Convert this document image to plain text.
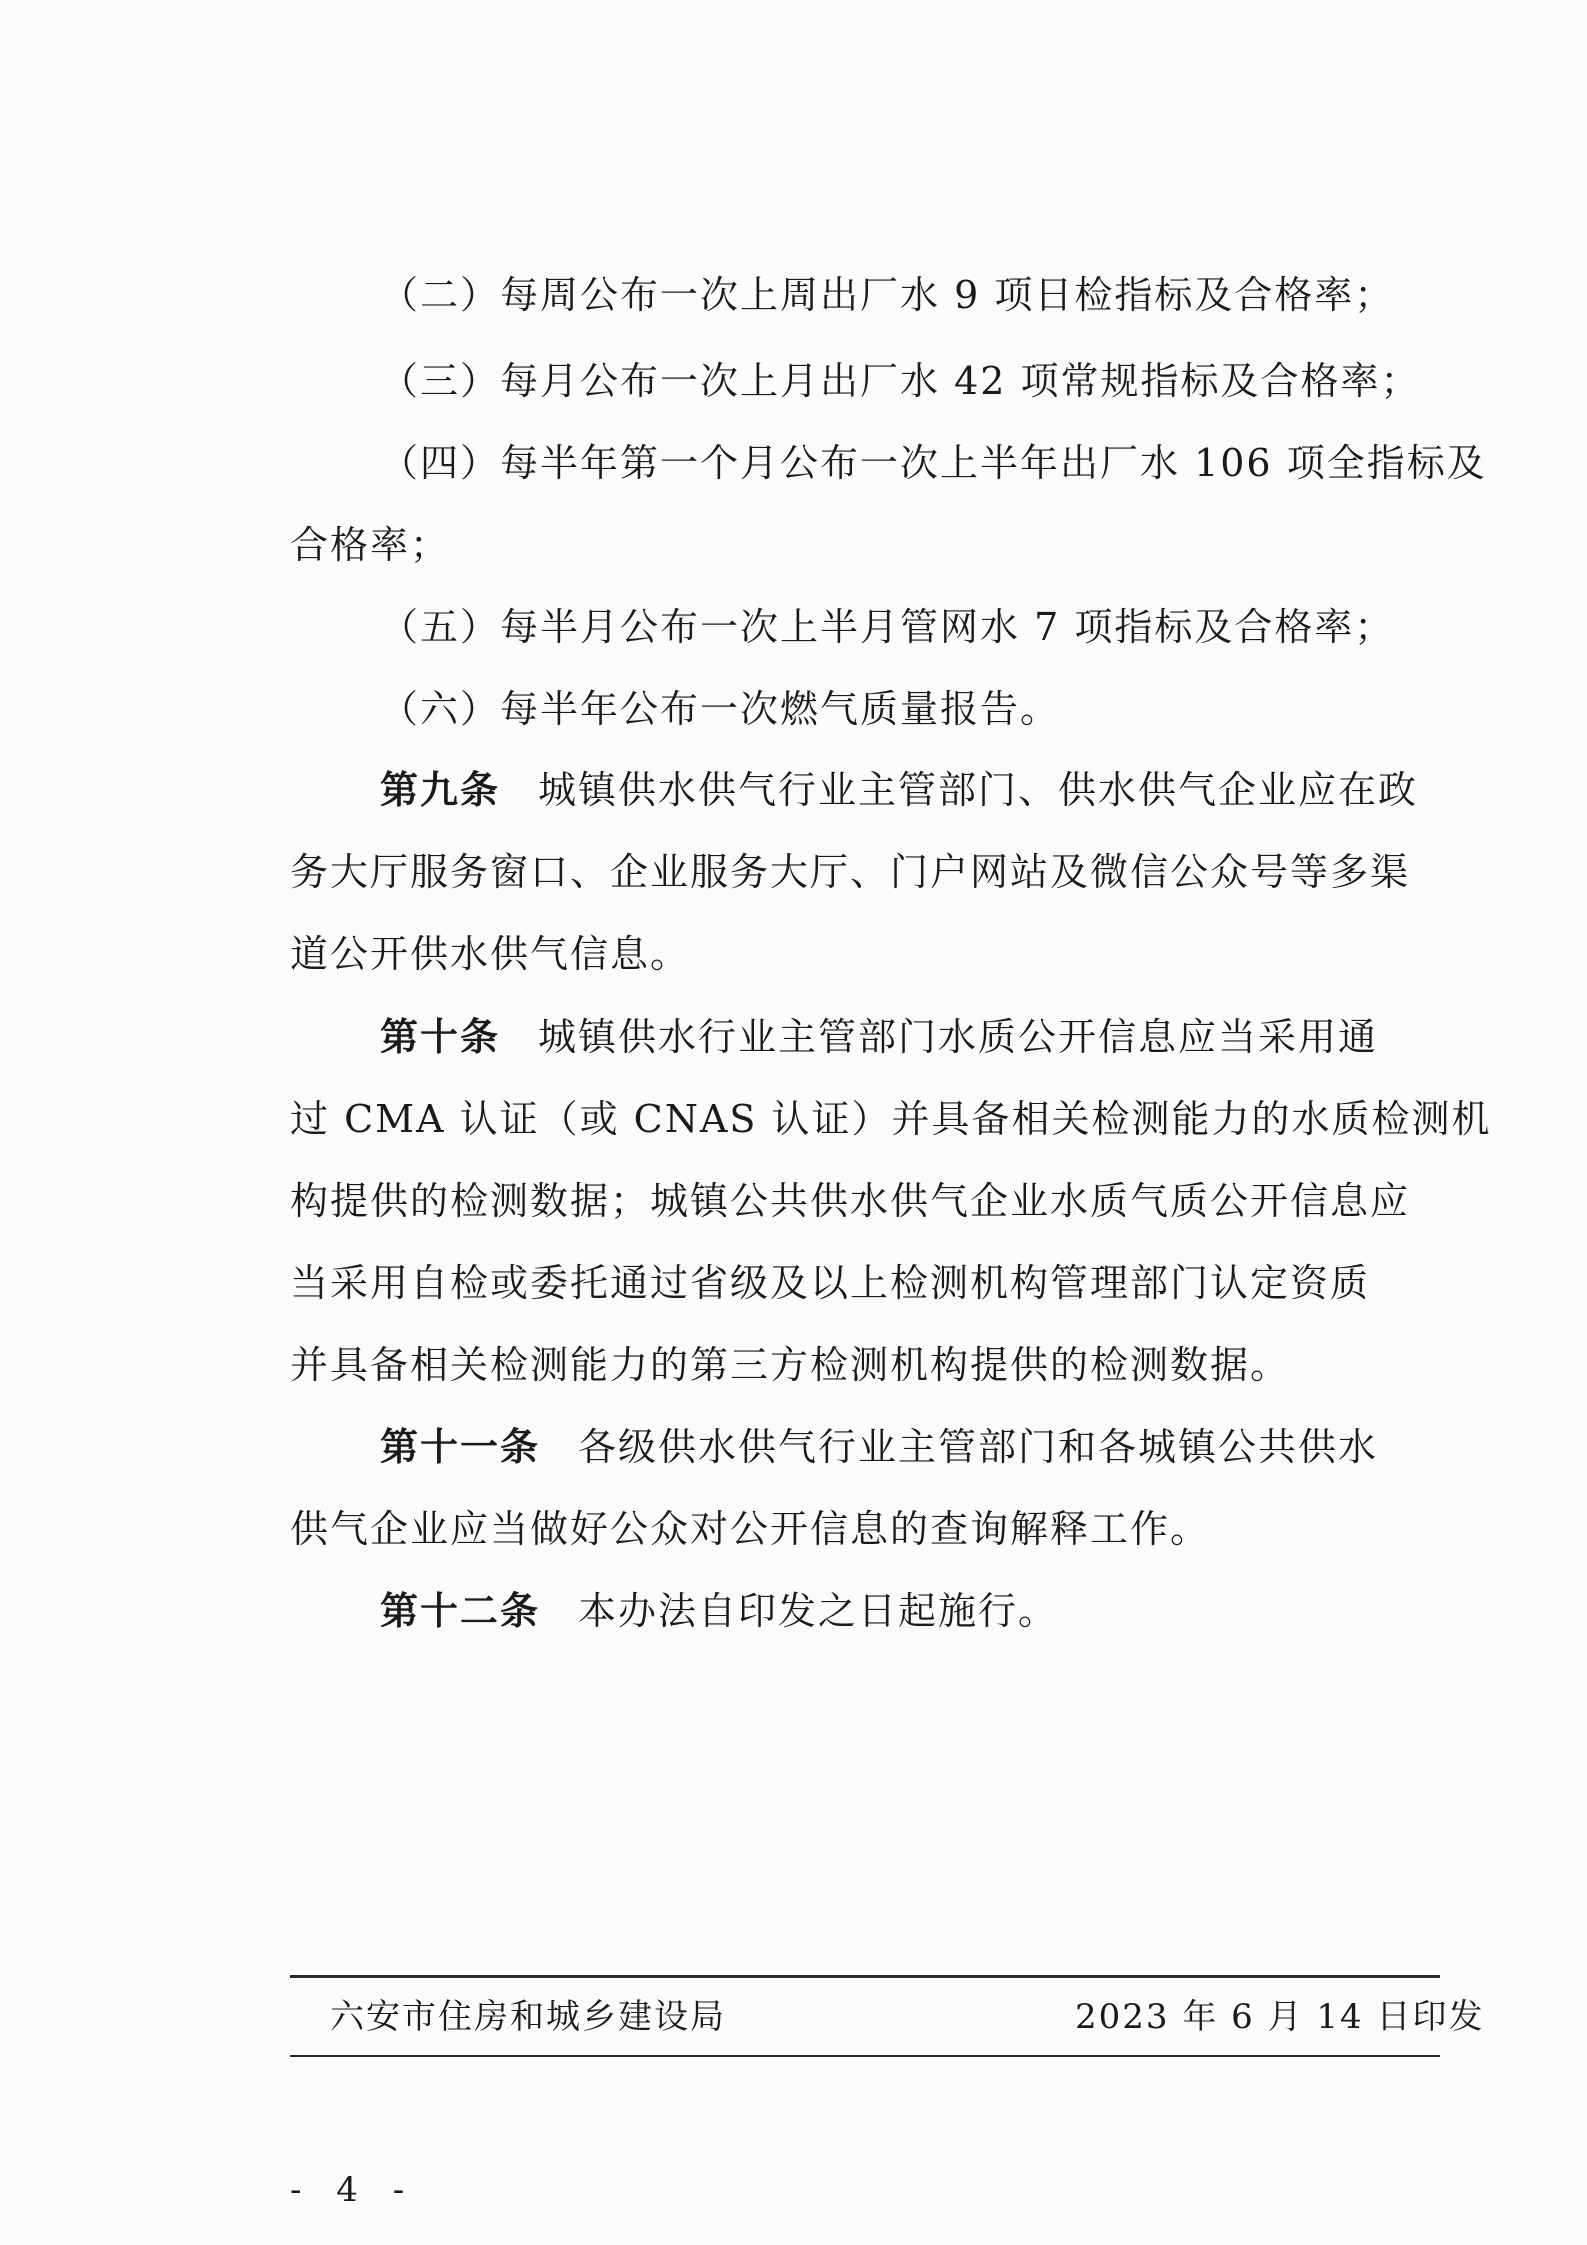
（二）每周公布一次上周出厂水 9 项日检指标及合格率；
（三）每月公布一次上月出厂水 42 项常规指标及合格率；
（四）每半年第一个月公布一次上半年出厂水 106 项全指标及
合格率；
（五）每半月公布一次上半月管网水 7 项指标及合格率；
（六）每半年公布一次燃气质量报告。
第九条 城镇供水供气行业主管部门、供水供气企业应在政
务大厅服务窗口、企业服务大厅、门户网站及微信公众号等多渠
道公开供水供气信息。
第十条 城镇供水行业主管部门水质公开信息应当采用通
过 CMA 认证（或 CNAS 认证）并具备相关检测能力的水质检测机
构提供的检测数据；城镇公共供水供气企业水质气质公开信息应
当采用自检或委托通过省级及以上检测机构管理部门认定资质
并具备相关检测能力的第三方检测机构提供的检测数据。
第十一条 各级供水供气行业主管部门和各城镇公共供水
供气企业应当做好公众对公开信息的查询解释工作。
第十二条 本办法自印发之日起施行。
六安市住房和城乡建设局	2023 年 6 月 14 日印发
- 4 -
